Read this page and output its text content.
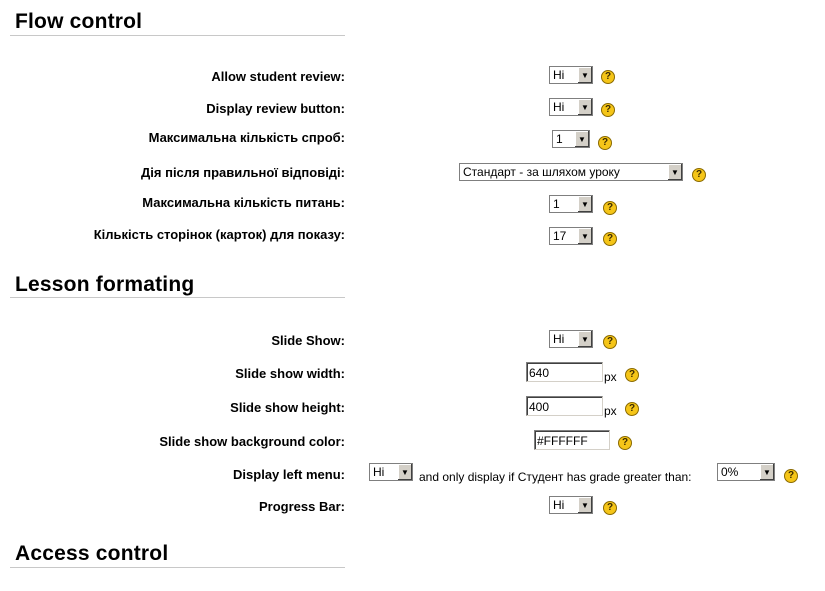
Flow control
Allow student review:	Ні	▼	?
Display review button:	Ні	▼	?
Максимальна кількість спроб:	1	▼	?
Дія після правильної відповіді:	Стандарт - за шляхом уроку	▼	?
Максимальна кількість питань:	1	▼	?
Кількість сторінок (карток) для показу:	17	▼	?
Lesson formating
Slide Show:	Ні	▼	?
Slide show width:
640	px	?
Slide show height:
400	px	?
Slide show background color:
#FFFFFF	?
Display left menu: Ні	▼ and only display if Студент has grade greater than: 0%	▼	?
Progress Bar:	Ні	▼	?
Access control
